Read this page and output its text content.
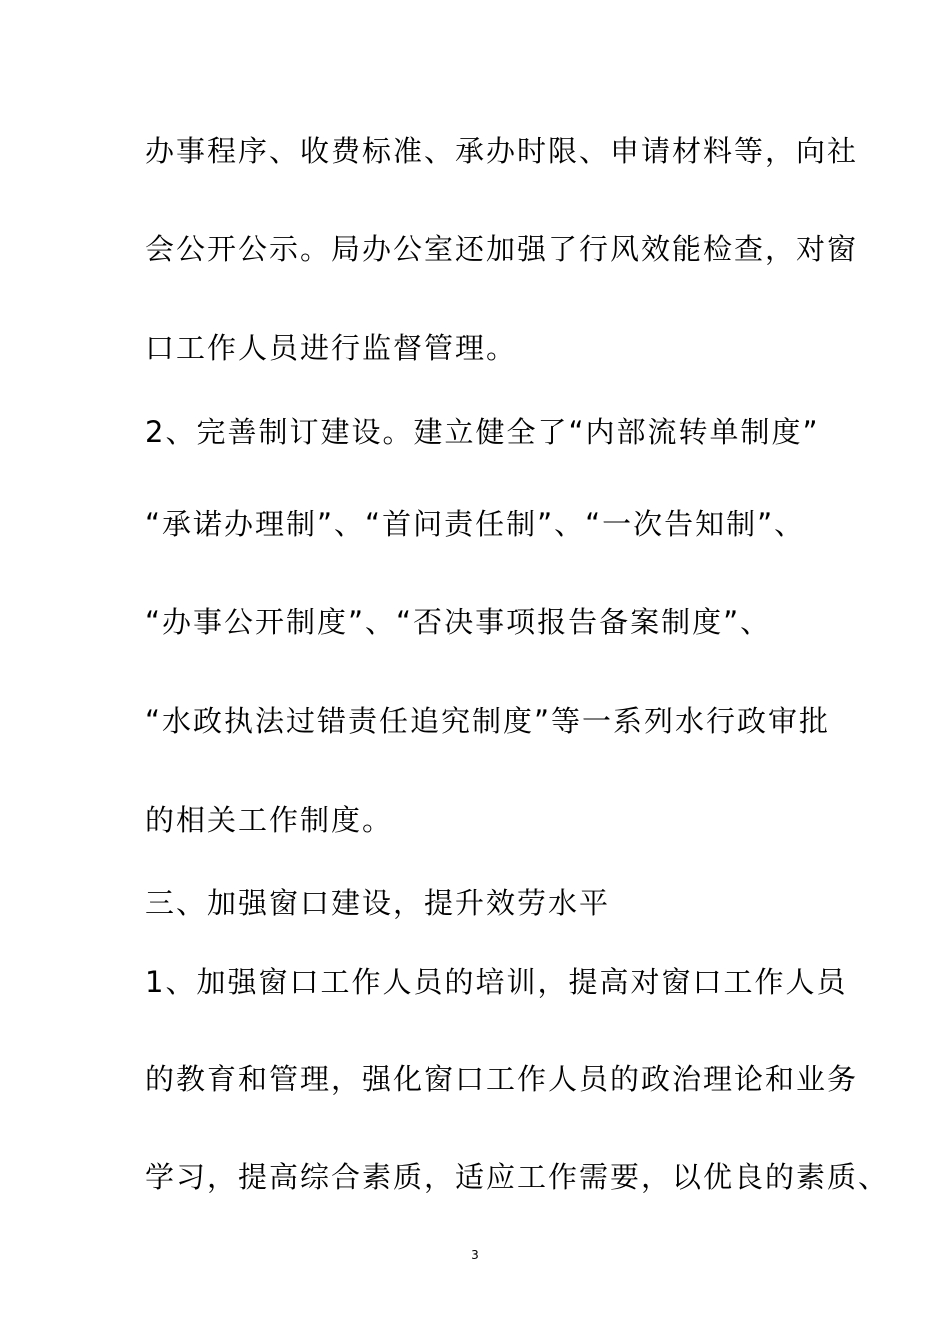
办事程序、收费标准、承办时限、申请材料等，向社
会公开公示。局办公室还加强了行风效能检查，对窗
口工作人员进行监督管理。
2、完善制订建设。建立健全了“内部流转单制度”
“承诺办理制”、“首问责任制”、“一次告知制”、
“办事公开制度”、“否决事项报告备案制度”、
“水政执法过错责任追究制度”等一系列水行政审批
的相关工作制度。
三、加强窗口建设，提升效劳水平
1、加强窗口工作人员的培训，提高对窗口工作人员
的教育和管理，强化窗口工作人员的政治理论和业务
学习，提高综合素质，适应工作需要，以优良的素质、
3
